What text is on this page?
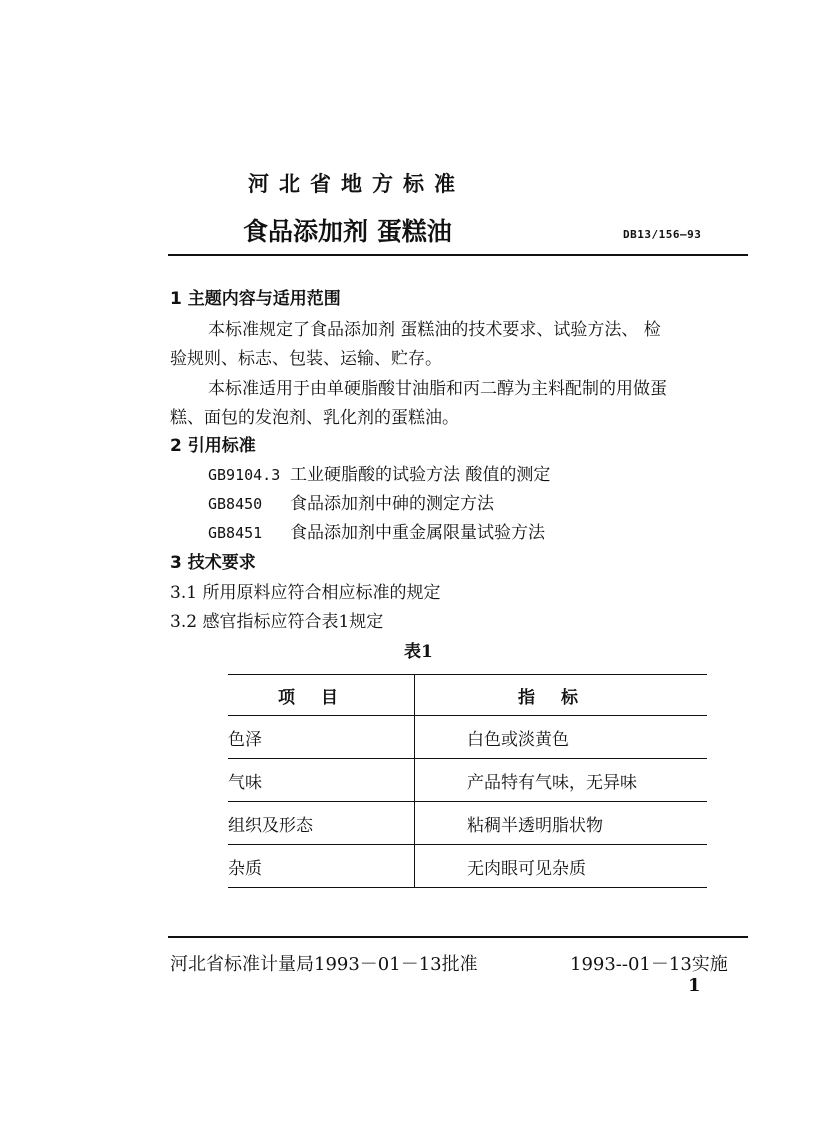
河北省地方标准
食品添加剂 蛋糕油	DB13/156—93
1 主题内容与适用范围
本标准规定了食品添加剂 蛋糕油的技术要求、试验方法、 检
验规则、标志、包装、运输、贮存。
本标准适用于由单硬脂酸甘油脂和丙二醇为主料配制的用做蛋
糕、面包的发泡剂、乳化剂的蛋糕油。
2 引用标准
GB9104.3 工业硬脂酸的试验方法 酸值的测定
GB8450 食品添加剂中砷的测定方法
GB8451 食品添加剂中重金属限量试验方法
3 技术要求
3.1 所用原料应符合相应标准的规定
3.2 感官指标应符合表1规定
表1
项目	指标
色泽	白色或淡黄色
气味	产品特有气味，无异味
组织及形态	粘稠半透明脂状物
杂质	无肉眼可见杂质
河北省标准计量局1993－01－13批准	1993--01－13实施
1
